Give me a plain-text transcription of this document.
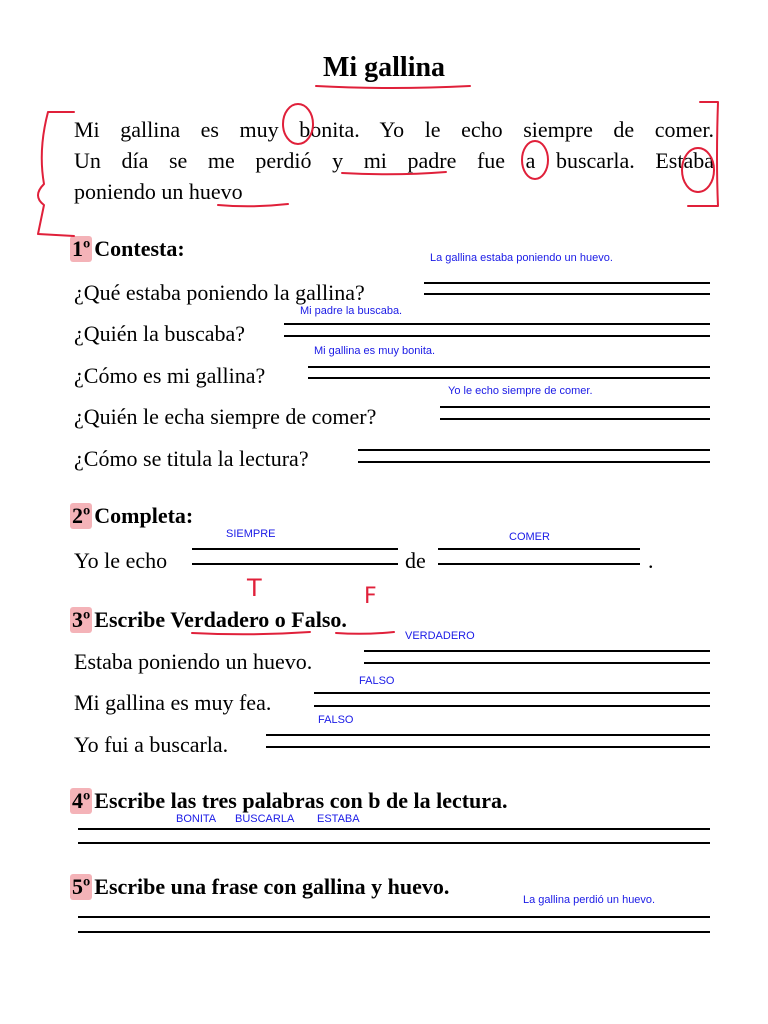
Mi gallina
Mi gallina es muy bonita. Yo le echo siempre de comer.
Un día se me perdió y mi padre fue a buscarla. Estaba
poniendo un huevo
1º Contesta:
¿Qué estaba poniendo la gallina?
La gallina estaba poniendo un huevo.
¿Quién la buscaba?
Mi padre la buscaba.
¿Cómo es mi gallina?
Mi gallina es muy bonita.
¿Quién le echa siempre de comer?
Yo le echo siempre de comer.
¿Cómo se titula la lectura?
2º Completa:
Yo le echo
SIEMPRE
de
COMER
.
3º Escribe Verdadero o Falso.
T	F
Estaba poniendo un huevo.
VERDADERO
Mi gallina es muy fea.
FALSO
Yo fui a buscarla.
FALSO
4º Escribe las tres palabras con b de la lectura.
BONITA BUSCARLA ESTABA
5º Escribe una frase con gallina y huevo.
La gallina perdió un huevo.
